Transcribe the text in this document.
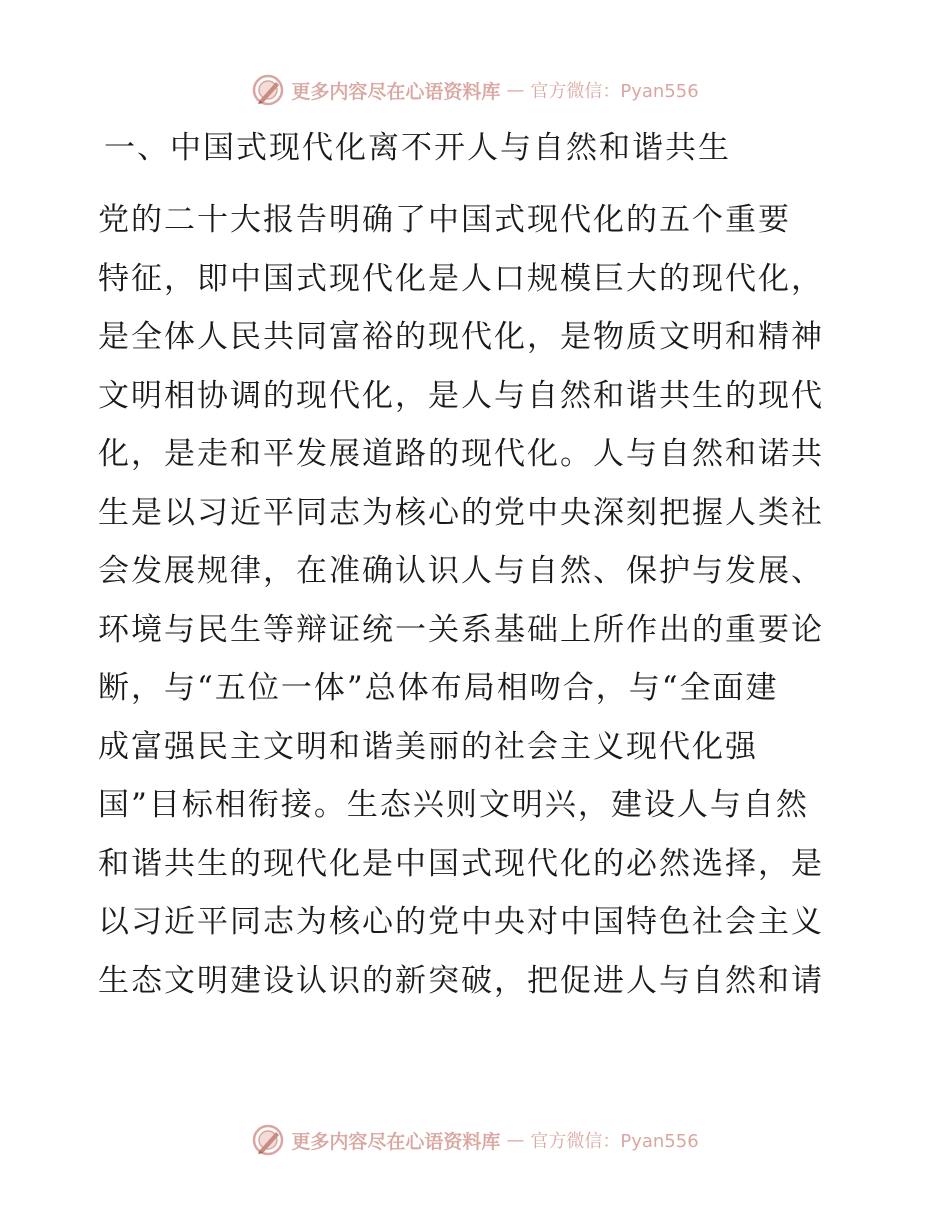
更多内容尽在心语资料库 — 官方微信：Pyan556
一、中国式现代化离不开人与自然和谐共生
党的二十大报告明确了中国式现代化的五个重要
特征，即中国式现代化是人口规模巨大的现代化，
是全体人民共同富裕的现代化，是物质文明和精神
文明相协调的现代化，是人与自然和谐共生的现代
化，是走和平发展道路的现代化。人与自然和诺共
生是以习近平同志为核心的党中央深刻把握人类社
会发展规律，在准确认识人与自然、保护与发展、
环境与民生等辩证统一关系基础上所作出的重要论
断，与“五位一体”总体布局相吻合，与“全面建
成富强民主文明和谐美丽的社会主义现代化强
国”目标相衔接。生态兴则文明兴，建设人与自然
和谐共生的现代化是中国式现代化的必然选择，是
以习近平同志为核心的党中央对中国特色社会主义
生态文明建设认识的新突破，把促进人与自然和请
更多内容尽在心语资料库 — 官方微信：Pyan556
